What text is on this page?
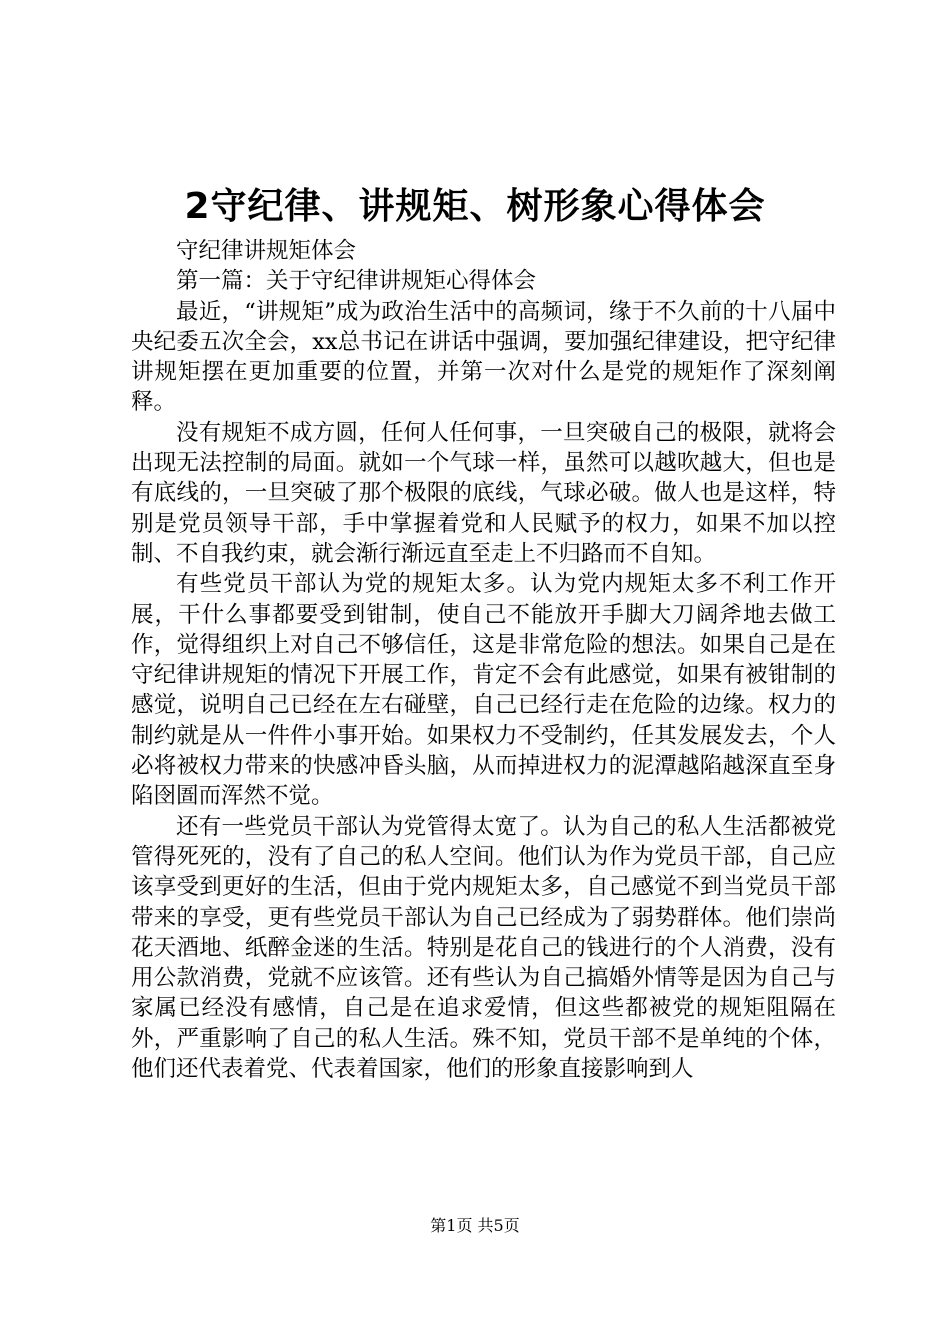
2守纪律、讲规矩、树形象心得体会

守纪律讲规矩体会

第一篇：关于守纪律讲规矩心得体会

最近，“讲规矩”成为政治生活中的高频词，缘于不久前的十八届中央纪委五次全会，xx总书记在讲话中强调，要加强纪律建设，把守纪律讲规矩摆在更加重要的位置，并第一次对什么是党的规矩作了深刻阐释。

没有规矩不成方圆，任何人任何事，一旦突破自己的极限，就将会出现无法控制的局面。就如一个气球一样，虽然可以越吹越大，但也是有底线的，一旦突破了那个极限的底线，气球必破。做人也是这样，特别是党员领导干部，手中掌握着党和人民赋予的权力，如果不加以控制、不自我约束，就会渐行渐远直至走上不归路而不自知。

有些党员干部认为党的规矩太多。认为党内规矩太多不利工作开展，干什么事都要受到钳制，使自己不能放开手脚大刀阔斧地去做工作，觉得组织上对自己不够信任，这是非常危险的想法。如果自己是在守纪律讲规矩的情况下开展工作，肯定不会有此感觉，如果有被钳制的感觉，说明自己已经在左右碰壁，自己已经行走在危险的边缘。权力的制约就是从一件件小事开始。如果权力不受制约，任其发展发去，个人必将被权力带来的快感冲昏头脑，从而掉进权力的泥潭越陷越深直至身陷囹圄而浑然不觉。

还有一些党员干部认为党管得太宽了。认为自己的私人生活都被党管得死死的，没有了自己的私人空间。他们认为作为党员干部，自己应该享受到更好的生活，但由于党内规矩太多，自己感觉不到当党员干部带来的享受，更有些党员干部认为自己已经成为了弱势群体。他们崇尚花天酒地、纸醉金迷的生活。特别是花自己的钱进行的个人消费，没有用公款消费，党就不应该管。还有些认为自己搞婚外情等是因为自己与家属已经没有感情，自己是在追求爱情，但这些都被党的规矩阻隔在外，严重影响了自己的私人生活。殊不知，党员干部不是单纯的个体，他们还代表着党、代表着国家，他们的形象直接影响到人

第1页 共5页
